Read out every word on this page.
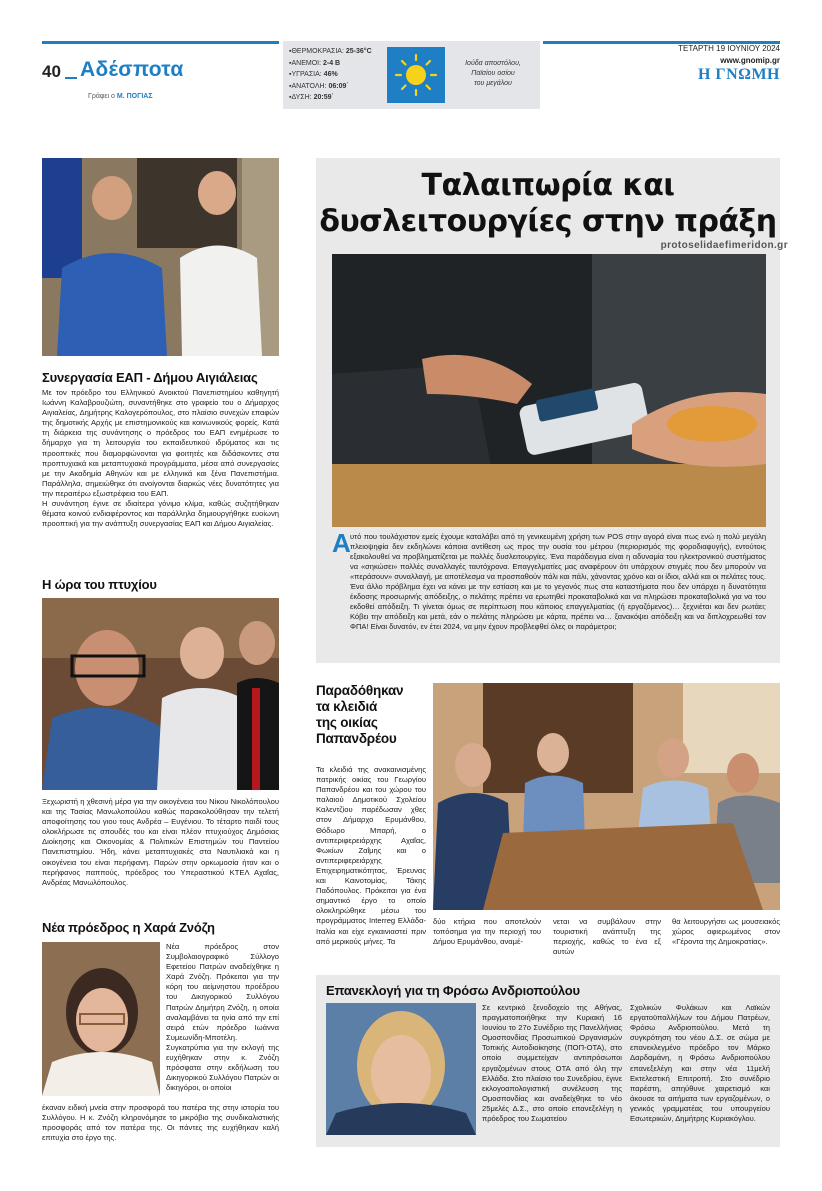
40 Αδέσποτα
Γράφει ο Μ. ΠΟΓΙΑΣ
▪ΘΕΡΜΟΚΡΑΣΙΑ: 25-36°C
▪ΑΝΕΜΟΙ: 2-4 Β
▪ΥΓΡΑΣΙΑ: 46%
▪ΑΝΑΤΟΛΗ: 06:09΄
▪ΔΥΣΗ: 20:59΄
Ιούδα αποστόλου,
Παϊσίου οσίου
του μεγάλου
ΤΕΤΑΡΤΗ 19 ΙΟΥΝΙΟΥ 2024
www.gnomip.gr
Η ΓΝΩΜΗ
Συνεργασία ΕΑΠ - Δήμου Αιγιάλειας

Με τον πρόεδρο του Ελληνικού Ανοικτού Πανεπιστημίου καθηγητή Ιωάννη Καλαβρουζιώτη, συναντήθηκε στο γραφείο του ο Δήμαρχος Αιγιαλείας, Δημήτρης Καλογερόπουλος, στο πλαίσιο συνεχών επαφών της δημοτικής Αρχής με επιστημονικούς και κοινωνικούς φορείς. Κατά τη διάρκεια της συνάντησης ο πρόεδρος του ΕΑΠ ενημέρωσε το δήμαρχο για τη λειτουργία του εκπαιδευτικού ιδρύματος και τις προοπτικές που διαμορφώνονται για φοιτητές και διδάσκοντες στα προπτυχιακά και μεταπτυχιακά προγράμματα, μέσα από συνεργασίες με την Ακαδημία Αθηνών και με ελληνικά και ξένα Πανεπιστήμια. Παράλληλα, σημειώθηκε ότι ανοίγονται διαρκώς νέες δυνατότητες για την περαιτέρω εξωστρέφεια του ΕΑΠ.

Η συνάντηση έγινε σε ιδιαίτερα γόνιμο κλίμα, καθώς συζητήθηκαν θέματα κοινού ενδιαφέροντος και παράλληλα δημιουργήθηκε ευοίωνη προοπτική για την ανάπτυξη συνεργασίας ΕΑΠ και Δήμου Αιγιαλείας.

Η ώρα του πτυχίου
Ξεχωριστή η χθεσινή μέρα για την οικογένεια του Νίκου Νικολόπουλου και της Τασίας Μανωλοπούλου καθώς παρακολούθησαν την τελετή αποφοίτησης του γιου τους Ανδρέα – Ευγένιου. Το τέταρτο παιδί τους ολοκλήρωσε τις σπουδές του και είναι πλέον πτυχιούχος Δημόσιας Διοίκησης και Οικονομίας & Πολιτικών Επιστημών του Παντείου Πανεπιστημίου. Ήδη, κάνει μεταπτυχιακές στα Ναυτιλιακά και η οικογένεια του είναι περήφανη. Παρών στην ορκωμοσία ήταν και ο περήφανος παππούς, πρόεδρος του Υπεραστικού ΚΤΕΛ Αχαΐας, Ανδρέας Μανωλόπουλος.
Νέα πρόεδρος η Χαρά Ζνόζη
Νέα πρόεδρος στον Συμβολαιογραφικό Σύλλογο Εφετείου Πατρών αναδείχθηκε η Χαρά Ζνόζη. Πρόκειται για την κόρη του αείμνηστου προέδρου του Δικηγορικού Συλλόγου Πατρών Δημήτρη Ζνόζη, η οποία αναλαμβάνει τα ηνία από την επί σειρά ετών πρόεδρο Ιωάννα Συμεωνίδη-Μποτέλη. Συγκατρύπια για την εκλογή της ευχήθηκαν στην κ. Ζνόζη πρόσφατα στην εκδήλωση του Δικηγορικού Συλλόγου Πατρών οι δικηγόροι, οι οποίοι
έκαναν ειδική μνεία στην προσφορά του πατέρα της στην ιστορία του Συλλόγου. Η κ. Ζνόζη κληρονόμησε το μικρόβιο της συνδικαλιστικής προσφοράς από τον πατέρα της. Οι πάντες της ευχήθηκαν καλή επιτυχία στο έργο της.
Ταλαιπωρία και
δυσλειτουργίες στην πράξη
protoselidaefimeridon.gr
Α υτό που τουλάχιστον εμείς έχουμε καταλάβει από τη γενικευμένη χρήση των POS στην αγορά είναι πως ενώ η πολύ μεγάλη πλειοψηφία δεν εκδηλώνει κάποια αντίθεση ως προς την ουσία του μέτρου (περιορισμός της φοροδιαφυγής), εντούτοις εξακολουθεί να προβληματίζεται με πολλές δυσλειτουργίες. Ένα παράδειγμα είναι η αδυναμία του ηλεκτρονικού συστήματος να «σηκώσει» πολλές συναλλαγές ταυτόχρονα. Επαγγελματίες μας αναφέρουν ότι υπάρχουν στιγμές που δεν μπορούν να «περάσουν» συναλλαγή, με αποτέλεσμα να προσπαθούν πάλι και πάλι, χάνοντας χρόνο και οι ίδιοι, αλλά και οι πελάτες τους. Ένα άλλο πρόβλημα έχει να κάνει με την εστίαση και με το γεγονός πως στα καταστήματα που δεν υπάρχει η δυνατότητα έκδοσης προσωρινής απόδειξης, ο πελάτης πρέπει να ερωτηθεί προκαταβολικά και να πληρώσει προκαταβολικά για να του εκδοθεί απόδειξη. Τι γίνεται όμως σε περίπτωση που κάποιος επαγγελματίας (ή εργαζόμενος)… ξεχνιέται και δεν ρωτάει; Κόβει την απόδειξη και μετά, εάν ο πελάτης πληρώσει με κάρτα, πρέπει να… ξανακόψει απόδειξη και να διπλοχρεωθεί τον ΦΠΑ! Είναι δυνατόν, εν έτει 2024, να μην έχουν προβλεφθεί όλες οι παράμετροι;
Παραδόθηκαν
τα κλειδιά
της οικίας
Παπανδρέου
Τα κλειδιά της ανακαινισμένης πατρικής οικίας του Γεωργίου Παπανδρέου και του χώρου του παλαιού Δημοτικού Σχολείου Καλεντζίου παρέδωσαν χθες στον Δήμαρχο Ερυμάνθου, Θόδωρο Μπαρή, ο αντιπεριφερειάρχης Αχαΐας, Φωκίων Ζαΐμης και ο αντιπεριφερειάρχης Επιχειρηματικότητας, Έρευνας και Καινοτομίας, Τάκης Παδόπουλος. Πρόκειται για ένα σημαντικό έργο το οποίο ολοκληρώθηκε μέσω του προγράμματος Interreg Ελλάδα-Ιταλία και είχε εγκαινιαστεί πριν από μερικούς μήνες. Τα
δύο κτήρια που αποτελούν τοπόσημα για την περιοχή του Δήμου Ερυμάνθου, αναμέ-
νεται να συμβάλουν στην τουριστική ανάπτυξη της περιοχής, καθώς το ένα εξ αυτών
θα λειτουργήσει ως μουσειακός χώρος αφιερωμένος στον «Γέροντα της Δημοκρατίας».
Επανεκλογή για τη Φρόσω Ανδριοπούλου
Σε κεντρικό ξενοδοχείο της Αθήνας, πραγματοποιήθηκε την Κυριακή 16 Ιουνίου το 27ο Συνέδριο της Πανελλήνιας Ομοσπονδίας Προσωπικού Οργανισμών Τοπικής Αυτοδιοίκησης (ΠΟΠ-ΟΤΑ), στο οποίο συμμετείχαν αντιπρόσωποι εργαζομένων στους ΟΤΑ από όλη την Ελλάδα. Στο πλαίσιο του Συνεδρίου, έγινε εκλογοαπολογιστική συνέλευση της Ομοσπονδίας και αναδείχθηκε το νέο 25μελές Δ.Σ., στο οποίο επανεξελέγη η πρόεδρος του Σωματείου
Σχολικών Φυλάκων και Λαϊκών εργατοϋπαλλήλων του Δήμου Πατρέων, Φρόσω Ανδριοπούλου. Μετά τη συγκρότηση του νέου Δ.Σ. σε σώμα με επανεκλεγμένο πρόεδρο τον Μάρκο Δαρδαμάνη, η Φρόσω Ανδριοπούλου επανεξελέγη και στην νέα 11μελή Εκτελεστική Επιτροπή. Στο συνέδριο παρέστη, απηύθυνε χαιρετισμό και άκουσε τα αιτήματα των εργαζομένων, ο γενικός γραμματέας του υπουργείου Εσωτερικών, Δημήτρης Κυριακόγλου.
